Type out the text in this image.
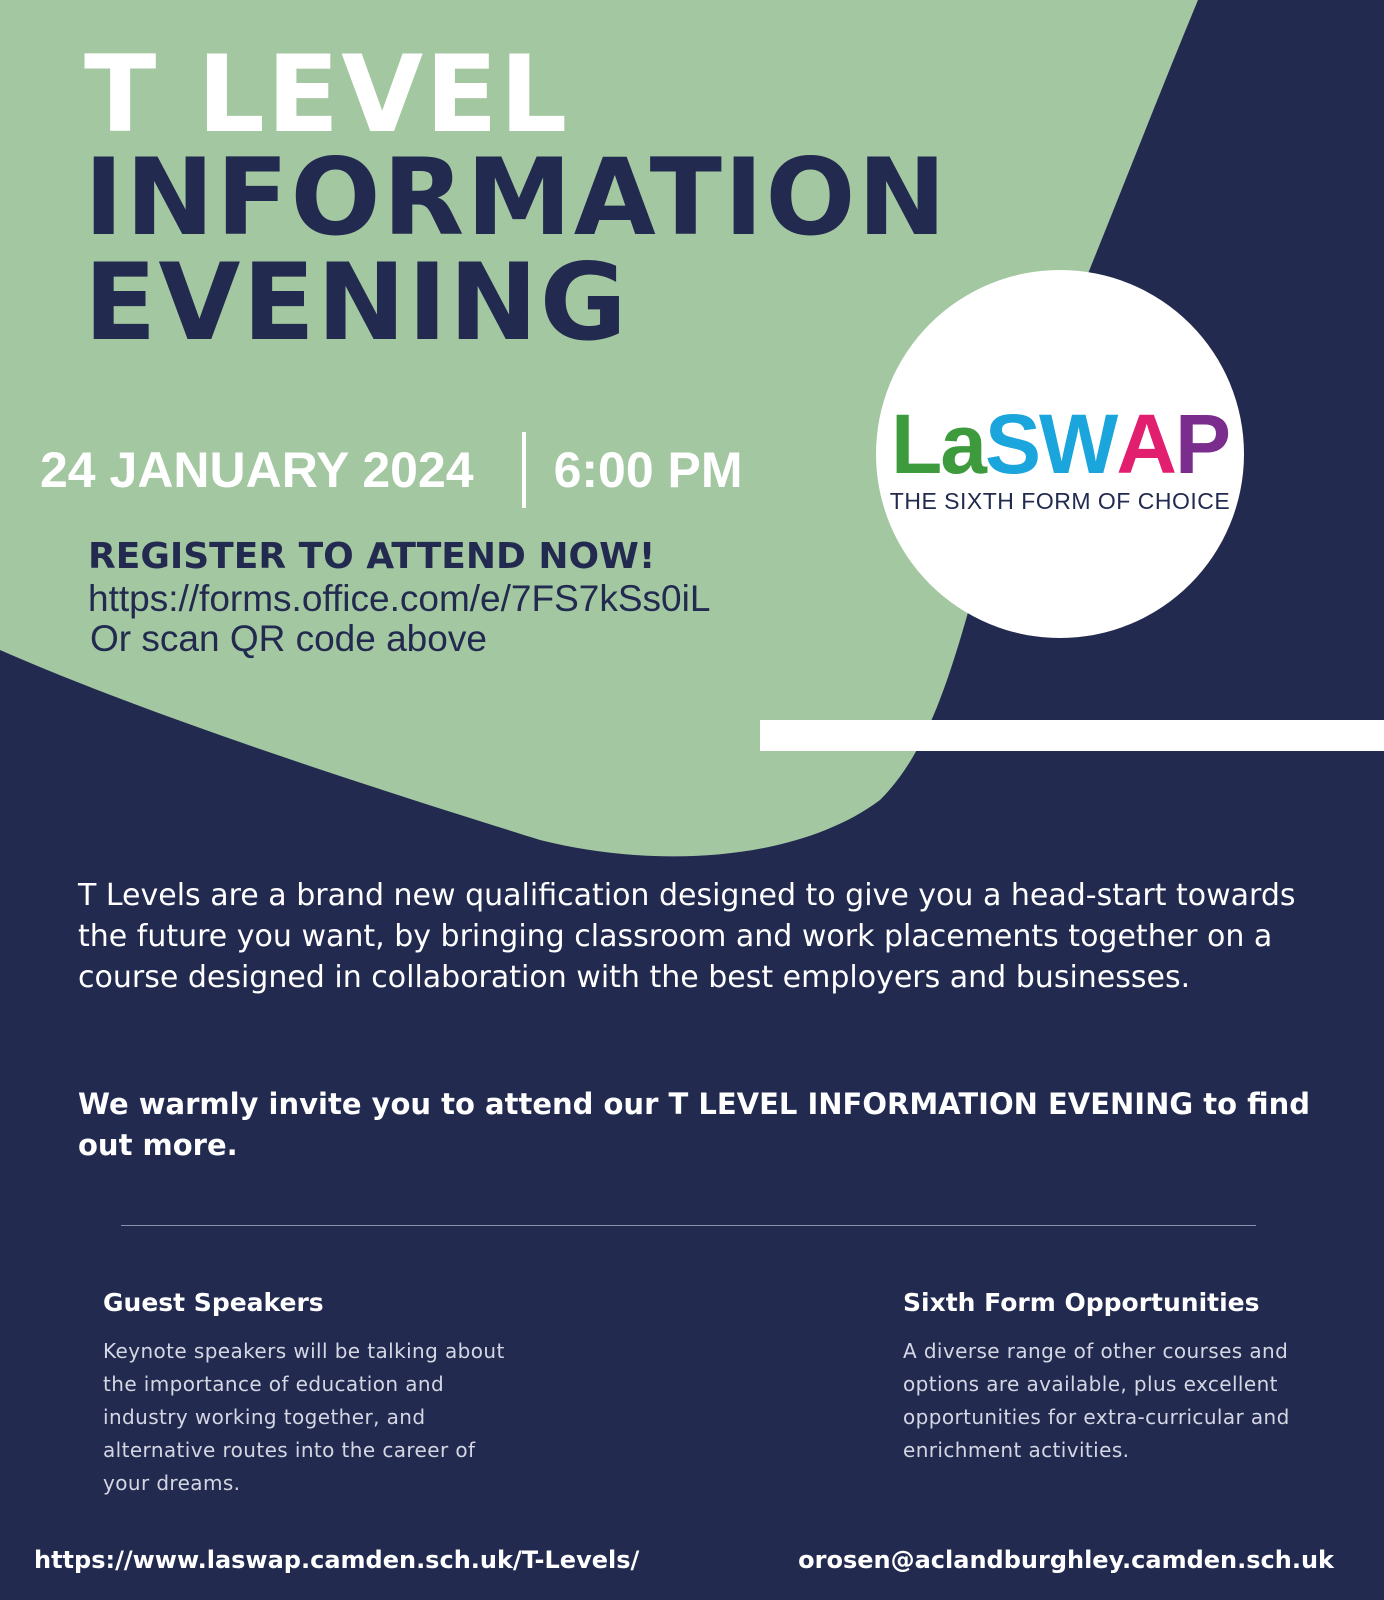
T LEVEL
INFORMATION
EVENING
24 JANUARY 2024 6:00 PM
REGISTER TO ATTEND NOW!
https://forms.office.com/e/7FS7kSs0iL
Or scan QR code above
LaSWAP
THE SIXTH FORM OF CHOICE

T Levels are a brand new qualification designed to give you a head-start towards the future you want, by bringing classroom and work placements together on a course designed in collaboration with the best employers and businesses.

We warmly invite you to attend our T LEVEL INFORMATION EVENING to find out more.

Guest Speakers

Keynote speakers will be talking about the importance of education and industry working together, and alternative routes into the career of your dreams.

Sixth Form Opportunities

A diverse range of other courses and options are available, plus excellent opportunities for extra-curricular and enrichment activities.

https://www.laswap.camden.sch.uk/T-Levels/	orosen@aclandburghley.camden.sch.uk
